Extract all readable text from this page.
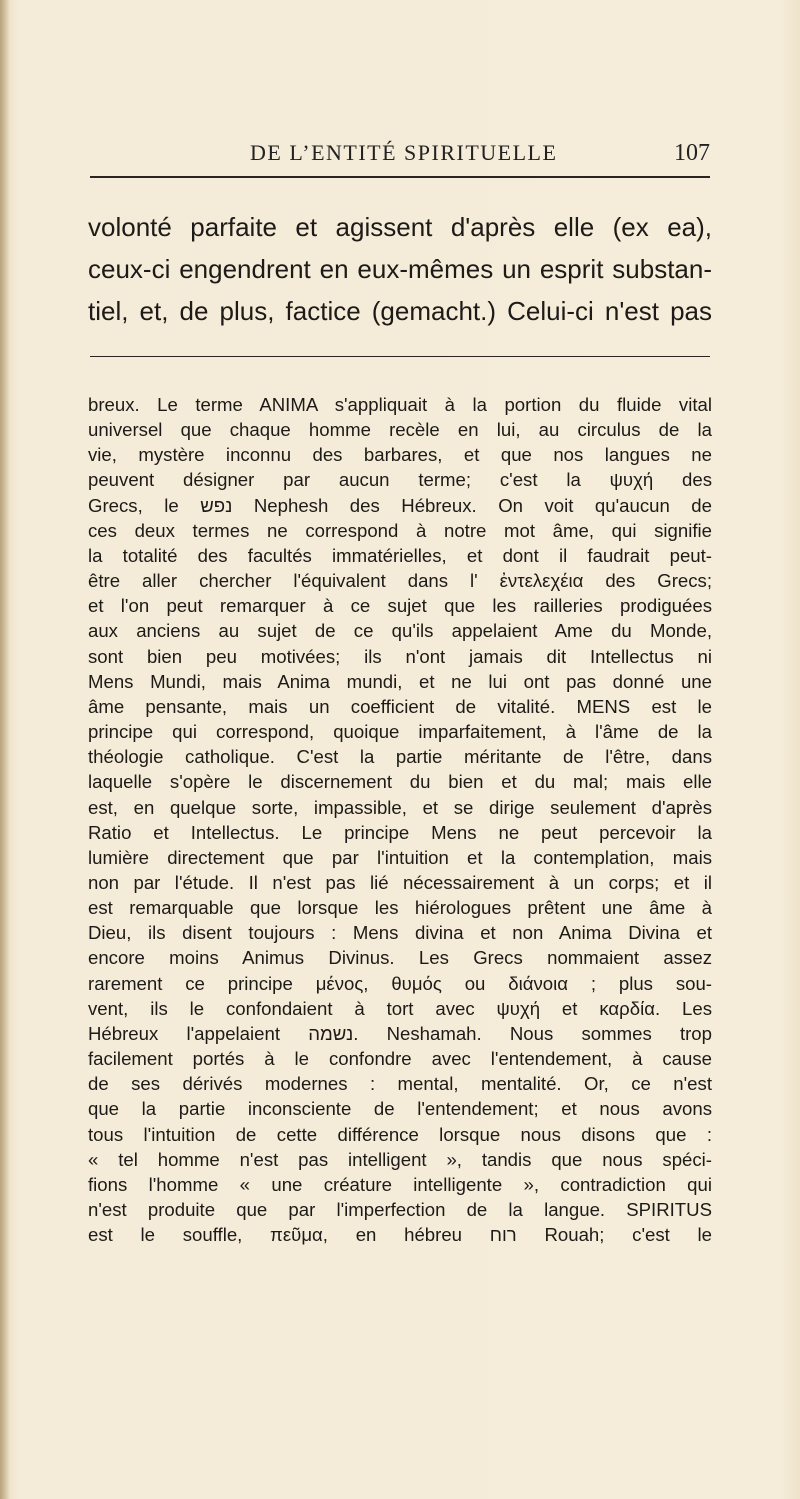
DE L’ENTITÉ SPIRITUELLE	107
volonté parfaite et agissent d'après elle (ex ea),
ceux-ci engendrent en eux-mêmes un esprit substan-
tiel, et, de plus, factice (gemacht.) Celui-ci n'est pas
breux. Le terme ANIMA s'appliquait à la portion du fluide vital
universel que chaque homme recèle en lui, au circulus de la
vie, mystère inconnu des barbares, et que nos langues ne
peuvent désigner par aucun terme; c'est la ψυχή des
Grecs, le נפש Nephesh des Hébreux. On voit qu'aucun de
ces deux termes ne correspond à notre mot âme, qui signifie
la totalité des facultés immatérielles, et dont il faudrait peut-
être aller chercher l'équivalent dans l' ἐντελεχέια des Grecs;
et l'on peut remarquer à ce sujet que les railleries prodiguées
aux anciens au sujet de ce qu'ils appelaient Ame du Monde,
sont bien peu motivées; ils n'ont jamais dit Intellectus ni
Mens Mundi, mais Anima mundi, et ne lui ont pas donné une
âme pensante, mais un coefficient de vitalité. MENS est le
principe qui correspond, quoique imparfaitement, à l'âme de la
théologie catholique. C'est la partie méritante de l'être, dans
laquelle s'opère le discernement du bien et du mal; mais elle
est, en quelque sorte, impassible, et se dirige seulement d'après
Ratio et Intellectus. Le principe Mens ne peut percevoir la
lumière directement que par l'intuition et la contemplation, mais
non par l'étude. Il n'est pas lié nécessairement à un corps; et il
est remarquable que lorsque les hiérologues prêtent une âme à
Dieu, ils disent toujours : Mens divina et non Anima Divina et
encore moins Animus Divinus. Les Grecs nommaient assez
rarement ce principe μένος, θυμός ou διάνοια ; plus sou-
vent, ils le confondaient à tort avec ψυχή et καρδία. Les
Hébreux l'appelaient נשמה. Neshamah. Nous sommes trop
facilement portés à le confondre avec l'entendement, à cause
de ses dérivés modernes : mental, mentalité. Or, ce n'est
que la partie inconsciente de l'entendement; et nous avons
tous l'intuition de cette différence lorsque nous disons que :
« tel homme n'est pas intelligent », tandis que nous spéci-
fions l'homme « une créature intelligente », contradiction qui
n'est produite que par l'imperfection de la langue. SPIRITUS
est le souffle, πεῦμα, en hébreu רוח Rouah; c'est le
